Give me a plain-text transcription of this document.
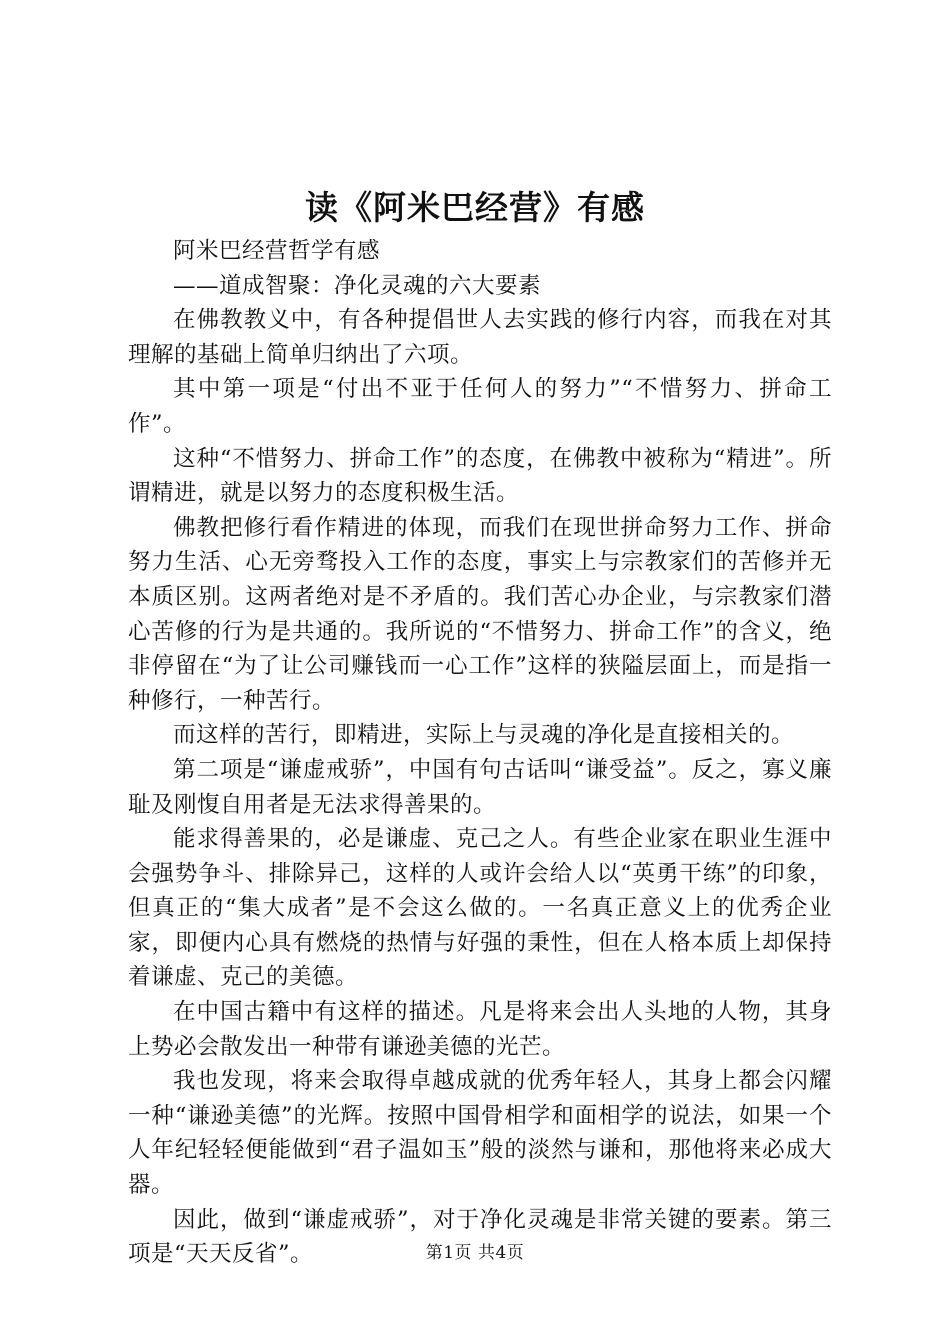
读《阿米巴经营》有感

阿米巴经营哲学有感

——道成智聚：净化灵魂的六大要素

在佛教教义中，有各种提倡世人去实践的修行内容，而我在对其理解的基础上简单归纳出了六项。

其中第一项是“付出不亚于任何人的努力”“不惜努力、拼命工作”。

这种“不惜努力、拼命工作”的态度，在佛教中被称为“精进”。所谓精进，就是以努力的态度积极生活。

佛教把修行看作精进的体现，而我们在现世拼命努力工作、拼命努力生活、心无旁骛投入工作的态度，事实上与宗教家们的苦修并无本质区别。这两者绝对是不矛盾的。我们苦心办企业，与宗教家们潜心苦修的行为是共通的。我所说的“不惜努力、拼命工作”的含义，绝非停留在“为了让公司赚钱而一心工作”这样的狭隘层面上，而是指一种修行，一种苦行。

而这样的苦行，即精进，实际上与灵魂的净化是直接相关的。

第二项是“谦虚戒骄”，中国有句古话叫“谦受益”。反之，寡义廉耻及刚愎自用者是无法求得善果的。

能求得善果的，必是谦虚、克己之人。有些企业家在职业生涯中会强势争斗、排除异己，这样的人或许会给人以“英勇干练”的印象，但真正的“集大成者”是不会这么做的。一名真正意义上的优秀企业家，即便内心具有燃烧的热情与好强的秉性，但在人格本质上却保持着谦虚、克己的美德。

在中国古籍中有这样的描述。凡是将来会出人头地的人物，其身上势必会散发出一种带有谦逊美德的光芒。

我也发现，将来会取得卓越成就的优秀年轻人，其身上都会闪耀一种“谦逊美德”的光辉。按照中国骨相学和面相学的说法，如果一个人年纪轻轻便能做到“君子温如玉”般的淡然与谦和，那他将来必成大器。

因此，做到“谦虚戒骄”，对于净化灵魂是非常关键的要素。第三项是“天天反省”。	第1页 共4页
